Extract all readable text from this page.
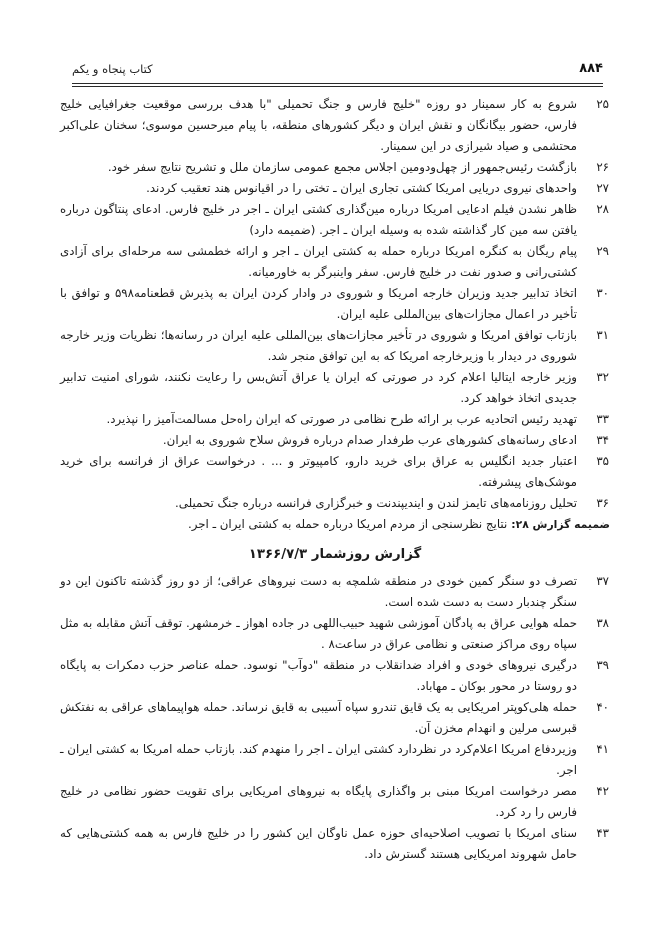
کتاب پنجاه و یکم	۸۸۴
۲۵
شروع به کار سمینار دو روزه "خلیج فارس و جنگ تحمیلی "با هدف بررسی موقعیت جغرافیایی خلیج فارس، حضور بیگانگان و نقش ایران و دیگر کشورهای منطقه، با پیام میرحسین موسوی؛ سخنان علی‌اکبر محتشمی و صیاد شیرازی در این سمینار.
۲۶
بازگشت رئیس‌جمهور از چهل‌ودومین اجلاس مجمع عمومی سازمان ملل و تشریح نتایج سفر خود.
۲۷
واحدهای نیروی دریایی امریکا کشتی تجاری ایران ـ تختی را در اقیانوس هند تعقیب کردند.
۲۸
ظاهر نشدن فیلم ادعایی امریکا درباره مین‌گذاری کشتی ایران ـ اجر در خلیج فارس. ادعای پنتاگون درباره یافتن سه مین کار گذاشته شده به وسیله ایران ـ اجر. (ضمیمه دارد)
۲۹
پیام ریگان به کنگره امریکا درباره حمله به کشتی ایران ـ اجر و ارائه خطمشی سه مرحله‌ای برای آزادی کشتی‌رانی و صدور نفت در خلیج فارس. سفر واینبرگر به خاورمیانه.
۳۰
اتخاذ تدابیر جدید وزیران خارجه امریکا و شوروی در وادار کردن ایران به پذیرش قطعنامه۵۹۸ و توافق با تأخیر در اعمال مجازات‌های بین‌المللی علیه ایران.
۳۱
بازتاب توافق امریکا و شوروی در تأخیر مجازات‌های بین‌المللی علیه ایران در رسانه‌ها؛ نظریات وزیر خارجه شوروی در دیدار با وزیرخارجه امریکا که به این توافق منجر شد.
۳۲
وزیر خارجه ایتالیا اعلام کرد در صورتی که ایران یا عراق آتش‌بس را رعایت نکنند، شورای امنیت تدابیر جدیدی اتخاذ خواهد کرد.
۳۳
تهدید رئیس اتحادیه عرب بر ارائه طرح نظامی در صورتی که ایران راه‌حل مسالمت‌آمیز را نپذیرد.
۳۴
ادعای رسانه‌های کشورهای عرب طرفدار صدام درباره فروش سلاح شوروی به ایران.
۳۵
اعتبار جدید انگلیس به عراق برای خرید دارو، کامپیوتر و ... . درخواست عراق از فرانسه برای خرید موشک‌های پیشرفته.
۳۶
تحلیل روزنامه‌های تایمز لندن و ایندیپندنت و خبرگزاری فرانسه درباره جنگ تحمیلی.
ضمیمه گزارش ۲۸:نتایج نظرسنجی از مردم امریکا درباره حمله به کشتی ایران ـ اجر.
گزارش روزشمار ۱۳۶۶/۷/۳
۳۷
تصرف دو سنگر کمین خودی در منطقه شلمچه به دست نیروهای عراقی؛ از دو روز گذشته تاکنون این دو سنگر چندبار دست به دست شده است.
۳۸
حمله هوایی عراق به پادگان آموزشی شهید حبیب‌اللهی در جاده اهواز ـ خرمشهر. توقف آتش مقابله به مثل سپاه روی مراکز صنعتی و نظامی عراق در ساعت۸ .
۳۹
درگیری نیروهای خودی و افراد ضدانقلاب در منطقه "دوآب" نوسود. حمله عناصر حزب دمکرات به پایگاه دو روستا در محور بوکان ـ مهاباد.
۴۰
حمله هلی‌کوپتر امریکایی به یک قایق تندرو سپاه آسیبی به قایق نرساند. حمله هواپیماهای عراقی به نفتکش قبرسی مرلین و انهدام مخزن آن.
۴۱
وزیردفاع امریکا اعلام‌کرد در نظردارد کشتی ایران ـ اجر را منهدم کند. بازتاب حمله امریکا به کشتی ایران ـ اجر.
۴۲
مصر درخواست امریکا مبنی بر واگذاری پایگاه به نیروهای امریکایی برای تقویت حضور نظامی در خلیج فارس را رد کرد.
۴۳
سنای امریکا با تصویب اصلاحیه‌ای حوزه عمل ناوگان این کشور را در خلیج فارس به همه کشتی‌هایی که حامل شهروند امریکایی هستند گسترش داد.
